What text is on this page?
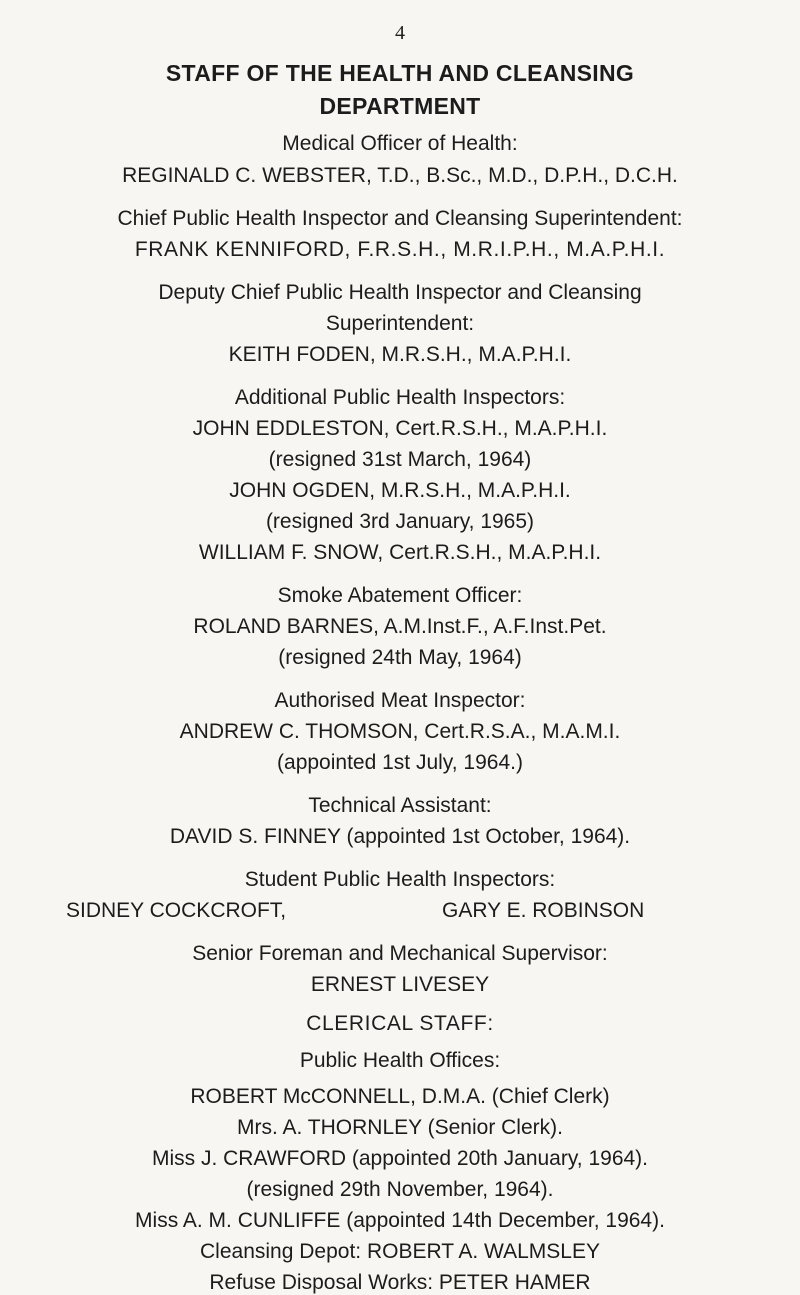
4
STAFF OF THE HEALTH AND CLEANSING
DEPARTMENT
Medical Officer of Health:
REGINALD C. WEBSTER, T.D., B.Sc., M.D., D.P.H., D.C.H.
Chief Public Health Inspector and Cleansing Superintendent:
FRANK KENNIFORD, F.R.S.H., M.R.I.P.H., M.A.P.H.I.
Deputy Chief Public Health Inspector and Cleansing
Superintendent:
KEITH FODEN, M.R.S.H., M.A.P.H.I.
Additional Public Health Inspectors:
JOHN EDDLESTON, Cert.R.S.H., M.A.P.H.I.
(resigned 31st March, 1964)
JOHN OGDEN, M.R.S.H., M.A.P.H.I.
(resigned 3rd January, 1965)
WILLIAM F. SNOW, Cert.R.S.H., M.A.P.H.I.
Smoke Abatement Officer:
ROLAND BARNES, A.M.Inst.F., A.F.Inst.Pet.
(resigned 24th May, 1964)
Authorised Meat Inspector:
ANDREW C. THOMSON, Cert.R.S.A., M.A.M.I.
(appointed 1st July, 1964.)
Technical Assistant:
DAVID S. FINNEY (appointed 1st October, 1964).
Student Public Health Inspectors:
SIDNEY COCKCROFT,	GARY E. ROBINSON
Senior Foreman and Mechanical Supervisor:
ERNEST LIVESEY
CLERICAL STAFF:
Public Health Offices:
ROBERT McCONNELL, D.M.A. (Chief Clerk)
Mrs. A. THORNLEY (Senior Clerk).
Miss J. CRAWFORD (appointed 20th January, 1964).
(resigned 29th November, 1964).
Miss A. M. CUNLIFFE (appointed 14th December, 1964).
Cleansing Depot: ROBERT A. WALMSLEY
Refuse Disposal Works: PETER HAMER
